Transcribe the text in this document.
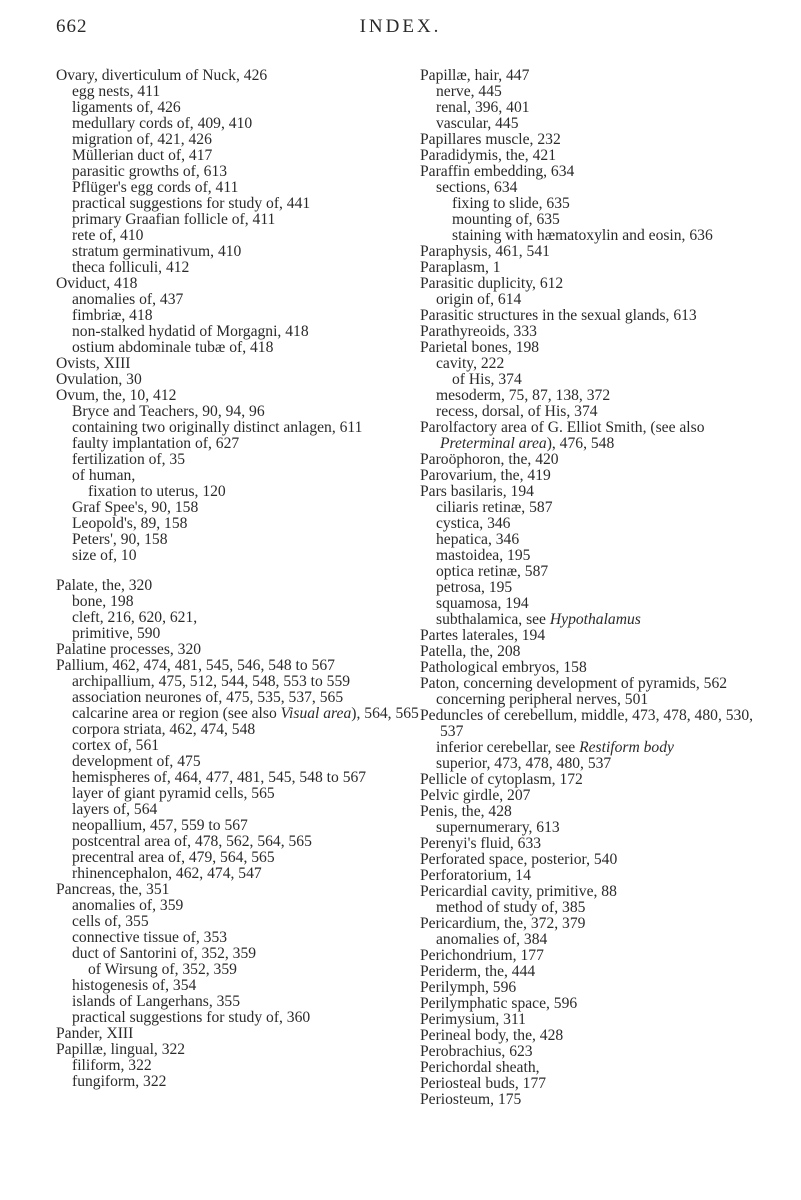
662	INDEX.
Ovary, diverticulum of Nuck, 426
egg nests, 411
ligaments of, 426
medullary cords of, 409, 410
migration of, 421, 426
Müllerian duct of, 417
parasitic growths of, 613
Pflüger's egg cords of, 411
practical suggestions for study of, 441
primary Graafian follicle of, 411
rete of, 410
stratum germinativum, 410
theca folliculi, 412
Oviduct, 418
anomalies of, 437
fimbriæ, 418
non-stalked hydatid of Morgagni, 418
ostium abdominale tubæ of, 418
Ovists, XIII
Ovulation, 30
Ovum, the, 10, 412
Bryce and Teachers, 90, 94, 96
containing two originally distinct anlagen, 611
faulty implantation of, 627
fertilization of, 35
of human,
fixation to uterus, 120
Graf Spee's, 90, 158
Leopold's, 89, 158
Peters', 90, 158
size of, 10
Palate, the, 320
bone, 198
cleft, 216, 620, 621,
primitive, 590
Palatine processes, 320
Pallium, 462, 474, 481, 545, 546, 548 to 567
archipallium, 475, 512, 544, 548, 553 to 559
association neurones of, 475, 535, 537, 565
calcarine area or region (see also Visual area), 564, 565
corpora striata, 462, 474, 548
cortex of, 561
development of, 475
hemispheres of, 464, 477, 481, 545, 548 to 567
layer of giant pyramid cells, 565
layers of, 564
neopallium, 457, 559 to 567
postcentral area of, 478, 562, 564, 565
precentral area of, 479, 564, 565
rhinencephalon, 462, 474, 547
Pancreas, the, 351
anomalies of, 359
cells of, 355
connective tissue of, 353
duct of Santorini of, 352, 359
of Wirsung of, 352, 359
histogenesis of, 354
islands of Langerhans, 355
practical suggestions for study of, 360
Pander, XIII
Papillæ, lingual, 322
filiform, 322
fungiform, 322
Papillæ, hair, 447
nerve, 445
renal, 396, 401
vascular, 445
Papillares muscle, 232
Paradidymis, the, 421
Paraffin embedding, 634
sections, 634
fixing to slide, 635
mounting of, 635
staining with hæmatoxylin and eosin, 636
Paraphysis, 461, 541
Paraplasm, 1
Parasitic duplicity, 612
origin of, 614
Parasitic structures in the sexual glands, 613
Parathyreoids, 333
Parietal bones, 198
cavity, 222
of His, 374
mesoderm, 75, 87, 138, 372
recess, dorsal, of His, 374
Parolfactory area of G. Elliot Smith, (see also Preterminal area), 476, 548
Paroöphoron, the, 420
Parovarium, the, 419
Pars basilaris, 194
ciliaris retinæ, 587
cystica, 346
hepatica, 346
mastoidea, 195
optica retinæ, 587
petrosa, 195
squamosa, 194
subthalamica, see Hypothalamus
Partes laterales, 194
Patella, the, 208
Pathological embryos, 158
Paton, concerning development of pyramids, 562
concerning peripheral nerves, 501
Peduncles of cerebellum, middle, 473, 478, 480, 530, 537
inferior cerebellar, see Restiform body
superior, 473, 478, 480, 537
Pellicle of cytoplasm, 172
Pelvic girdle, 207
Penis, the, 428
supernumerary, 613
Perenyi's fluid, 633
Perforated space, posterior, 540
Perforatorium, 14
Pericardial cavity, primitive, 88
method of study of, 385
Pericardium, the, 372, 379
anomalies of, 384
Perichondrium, 177
Periderm, the, 444
Perilymph, 596
Perilymphatic space, 596
Perimysium, 311
Perineal body, the, 428
Perobrachius, 623
Perichordal sheath,
Periosteal buds, 177
Periosteum, 175
